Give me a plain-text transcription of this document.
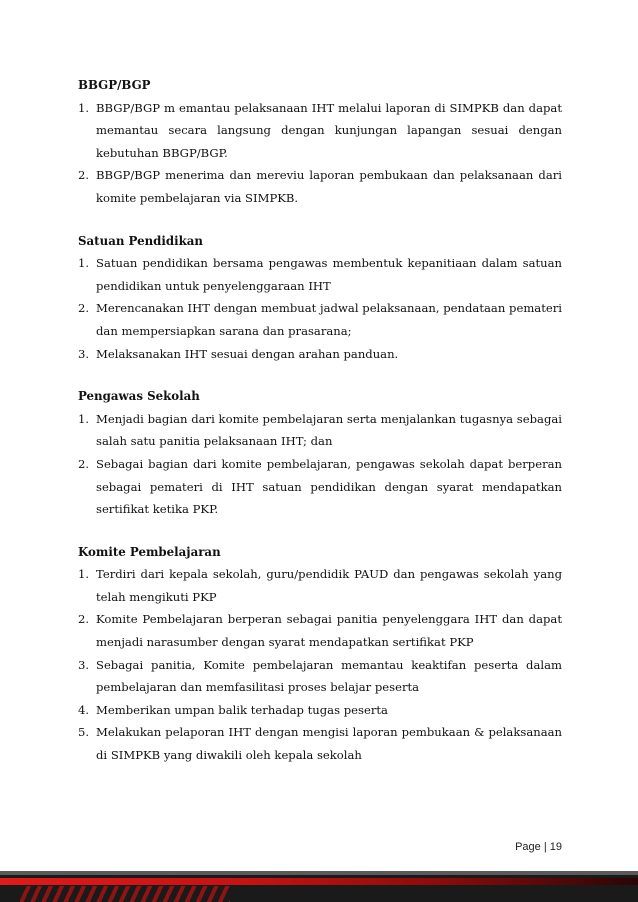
BBGP/BGP
1. BBGP/BGP m emantau pelaksanaan IHT melalui laporan di SIMPKB dan dapat memantau secara langsung dengan kunjungan lapangan sesuai dengan kebutuhan BBGP/BGP.
2. BBGP/BGP menerima dan mereviu laporan pembukaan dan pelaksanaan dari komite pembelajaran via SIMPKB.
Satuan Pendidikan
1. Satuan pendidikan bersama pengawas membentuk kepanitiaan dalam satuan pendidikan untuk penyelenggaraan IHT
2. Merencanakan IHT dengan membuat jadwal pelaksanaan, pendataan pemateri dan mempersiapkan sarana dan prasarana;
3. Melaksanakan IHT sesuai dengan arahan panduan.
Pengawas Sekolah
1. Menjadi bagian dari komite pembelajaran serta menjalankan tugasnya sebagai salah satu panitia pelaksanaan IHT; dan
2. Sebagai bagian dari komite pembelajaran, pengawas sekolah dapat berperan sebagai pemateri di IHT satuan pendidikan dengan syarat mendapatkan sertifikat ketika PKP.
Komite Pembelajaran
1. Terdiri dari kepala sekolah, guru/pendidik PAUD dan pengawas sekolah yang telah mengikuti PKP
2. Komite Pembelajaran berperan sebagai panitia penyelenggara IHT dan dapat menjadi narasumber dengan syarat mendapatkan sertifikat PKP
3. Sebagai panitia, Komite pembelajaran memantau keaktifan peserta dalam pembelajaran dan memfasilitasi proses belajar peserta
4. Memberikan umpan balik terhadap tugas peserta
5. Melakukan pelaporan IHT dengan mengisi laporan pembukaan & pelaksanaan di SIMPKB yang diwakili oleh kepala sekolah
Page | 19
